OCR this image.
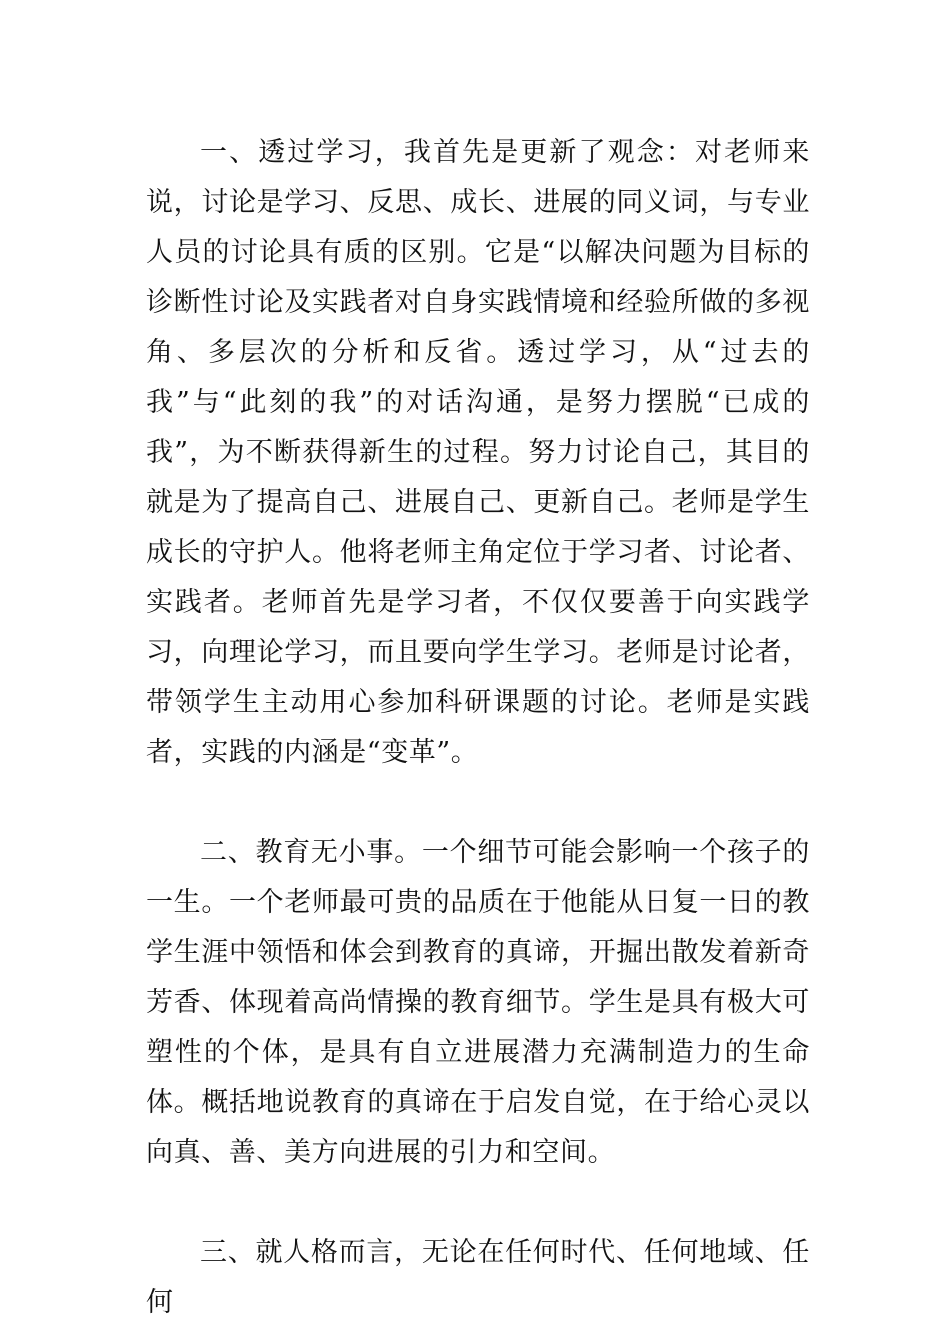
一、透过学习，我首先是更新了观念：对老师来说，讨论是学习、反思、成长、进展的同义词，与专业人员的讨论具有质的区别。它是“以解决问题为目标的诊断性讨论及实践者对自身实践情境和经验所做的多视角、多层次的分析和反省。透过学习，从“过去的我”与“此刻的我”的对话沟通，是努力摆脱“已成的我”，为不断获得新生的过程。努力讨论自己，其目的就是为了提高自己、进展自己、更新自己。老师是学生成长的守护人。他将老师主角定位于学习者、讨论者、实践者。老师首先是学习者，不仅仅要善于向实践学习，向理论学习，而且要向学生学习。老师是讨论者，带领学生主动用心参加科研课题的讨论。老师是实践者，实践的内涵是“变革”。

二、教育无小事。一个细节可能会影响一个孩子的一生。一个老师最可贵的品质在于他能从日复一日的教学生涯中领悟和体会到教育的真谛，开掘出散发着新奇芳香、体现着高尚情操的教育细节。学生是具有极大可塑性的个体，是具有自立进展潜力充满制造力的生命体。概括地说教育的真谛在于启发自觉，在于给心灵以向真、善、美方向进展的引力和空间。

三、就人格而言，无论在任何时代、任何地域、任何
